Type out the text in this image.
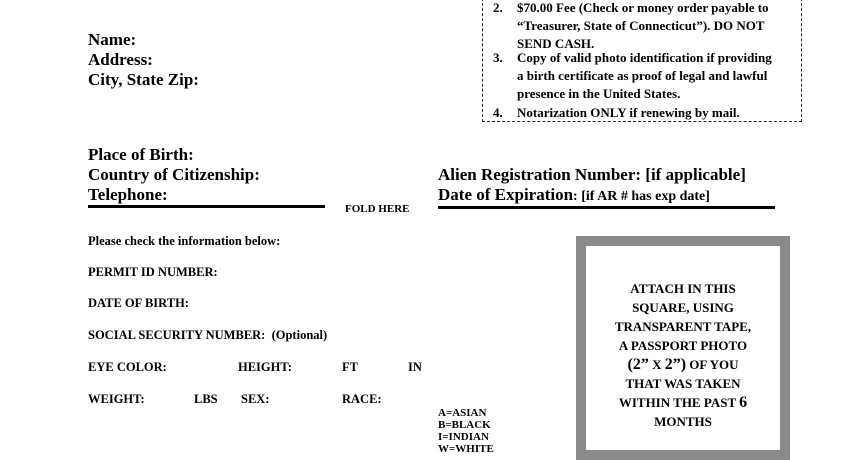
2. $70.00 Fee (Check or money order payable to
“Treasurer, State of Connecticut”). DO NOT
SEND CASH.
3. Copy of valid photo identification if providing
a birth certificate as proof of legal and lawful
presence in the United States.
4. Notarization ONLY if renewing by mail.
Name:
Address:
City, State Zip:
Place of Birth:
Country of Citizenship:
Telephone:
Alien Registration Number: [if applicable]
Date of Expiration: [if AR # has exp date]
FOLD HERE
Please check the information below:
PERMIT ID NUMBER:
DATE OF BIRTH:
SOCIAL SECURITY NUMBER: (Optional)
EYE COLOR:	HEIGHT:	FT	IN
WEIGHT:	LBS SEX:	RACE:
A=ASIAN
B=BLACK
I=INDIAN
W=WHITE
ATTACH IN THIS
SQUARE, USING
TRANSPARENT TAPE,
A PASSPORT PHOTO
(2” X 2”) OF YOU
THAT WAS TAKEN
WITHIN THE PAST 6
MONTHS
